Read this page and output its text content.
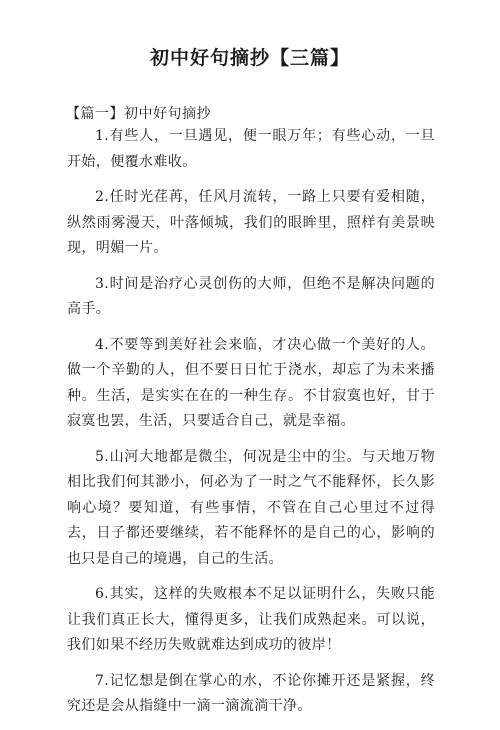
初中好句摘抄【三篇】
【篇一】初中好句摘抄

1.有些人，一旦遇见，便一眼万年；有些心动，一旦开始，便覆水难收。

2.任时光荏苒，任风月流转，一路上只要有爱相随，纵然雨雾漫天，叶落倾城，我们的眼眸里，照样有美景映现，明媚一片。

3.时间是治疗心灵创伤的大师，但绝不是解决问题的高手。

4.不要等到美好社会来临，才决心做一个美好的人。做一个辛勤的人，但不要日日忙于浇水，却忘了为未来播种。生活，是实实在在的一种生存。不甘寂寞也好，甘于寂寞也罢，生活，只要适合自己，就是幸福。

5.山河大地都是微尘，何况是尘中的尘。与天地万物相比我们何其渺小，何必为了一时之气不能释怀，长久影响心境？要知道，有些事情，不管在自己心里过不过得去，日子都还要继续，若不能释怀的是自己的心，影响的也只是自己的境遇，自己的生活。

6.其实，这样的失败根本不足以证明什么，失败只能让我们真正长大，懂得更多，让我们成熟起来。可以说，我们如果不经历失败就难达到成功的彼岸！

7.记忆想是倒在掌心的水，不论你摊开还是紧握，终究还是会从指缝中一滴一滴流淌干净。
